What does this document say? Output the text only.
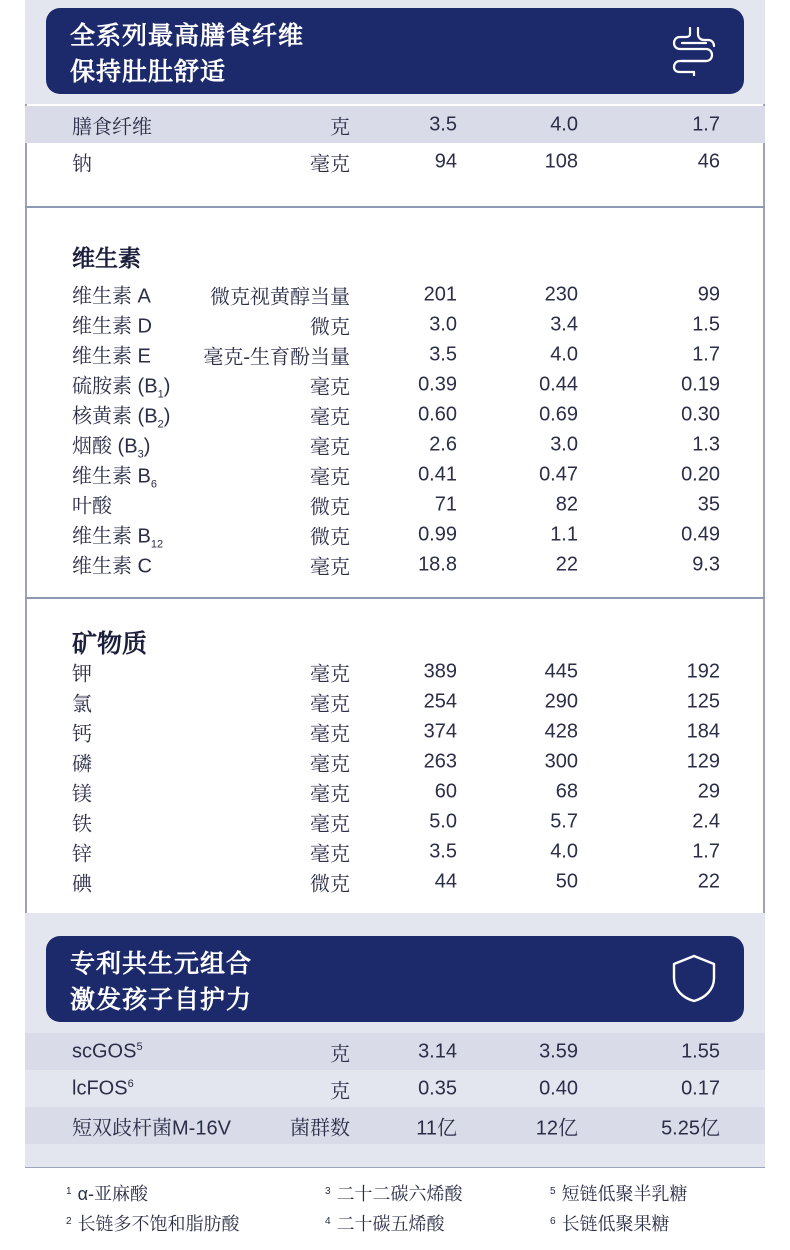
全系列最高膳食纤维
保持肚肚舒适
膳食纤维	克	3.5	4.0	1.7
钠	毫克	94	108	46
维生素
维生素 A	微克视黄醇当量	201	230	99
维生素 D	微克	3.0	3.4	1.5
维生素 E	毫克-生育酚当量	3.5	4.0	1.7
硫胺素 $(B_1)$	毫克	0.39	0.44	0.19
核黄素 $(B_2)$	毫克	0.60	0.69	0.30
烟酸 $(B_3)$	毫克	2.6	3.0	1.3
维生素 $B_6$	毫克	0.41	0.47	0.20
叶酸	微克	71	82	35
维生素 $B_{12}$	微克	0.99	1.1	0.49
维生素 C	毫克	18.8	22	9.3
矿物质
钾	毫克	389	445	192
氯	毫克	254	290	125
钙	毫克	374	428	184
磷	毫克	263	300	129
镁	毫克	60	68	29
铁	毫克	5.0	5.7	2.4
锌	毫克	3.5	4.0	1.7
碘	微克	44	50	22
专利共生元组合
激发孩子自护力
scGOS$^5$	克	3.14	3.59	1.55
lcFOS$^6$	克	0.35	0.40	0.17
短双歧杆菌M-16V	菌群数	11亿	12亿	5.25亿
$^1$ α-亚麻酸
$^2$ 长链多不饱和脂肪酸
$^3$ 二十二碳六烯酸
$^4$ 二十碳五烯酸
$^5$ 短链低聚半乳糖
$^6$ 长链低聚果糖
